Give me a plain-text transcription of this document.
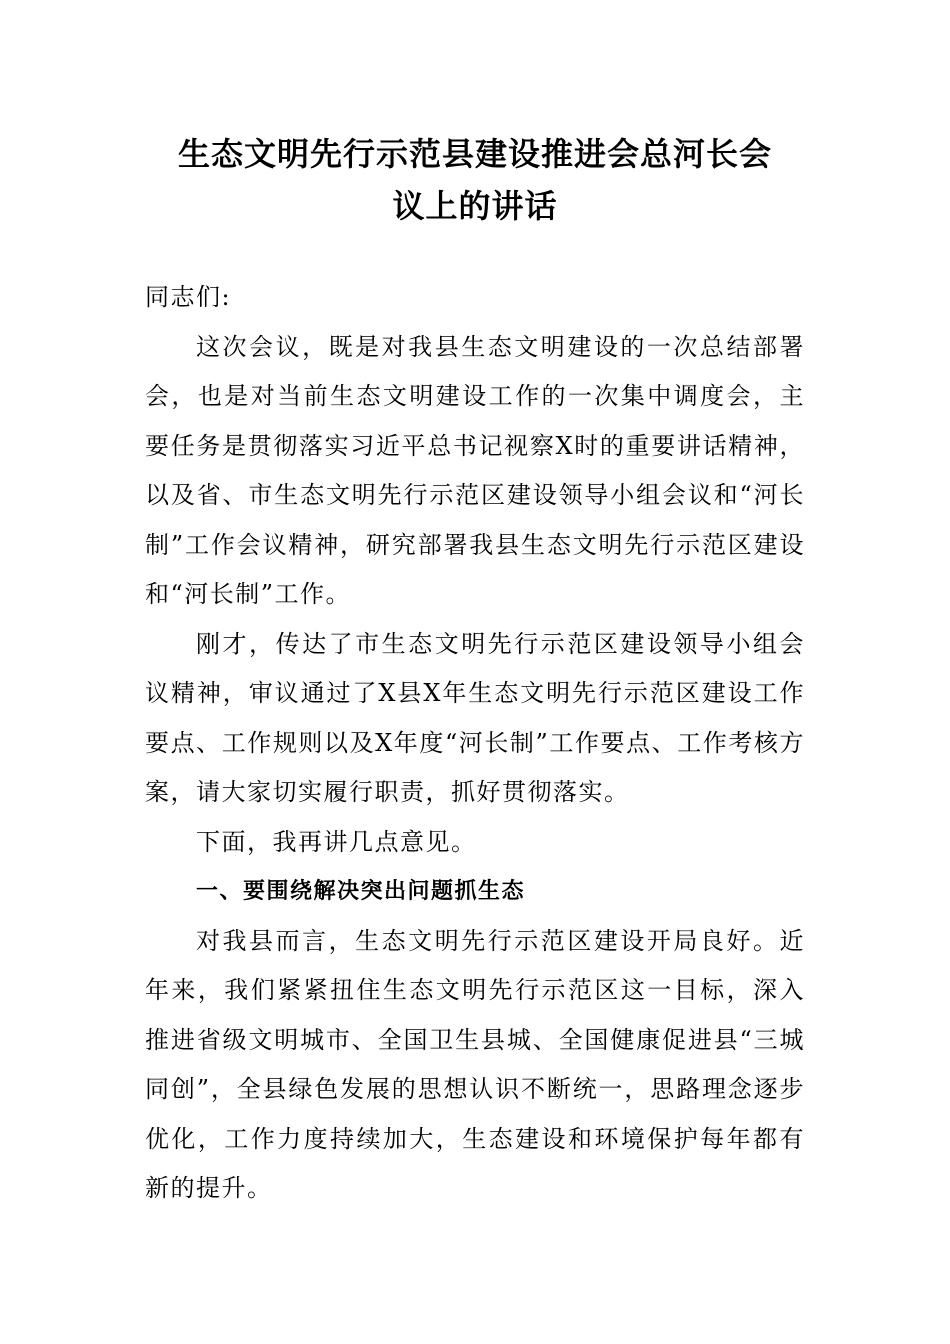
生态文明先行示范县建设推进会总河长会
议上的讲话

同志们:

这次会议，既是对我县生态文明建设的一次总结部署会，也是对当前生态文明建设工作的一次集中调度会，主要任务是贯彻落实习近平总书记视察X时的重要讲话精神，以及省、市生态文明先行示范区建设领导小组会议和“河长制”工作会议精神，研究部署我县生态文明先行示范区建设和“河长制”工作。

刚才，传达了市生态文明先行示范区建设领导小组会议精神，审议通过了X县X年生态文明先行示范区建设工作要点、工作规则以及X年度“河长制”工作要点、工作考核方案，请大家切实履行职责，抓好贯彻落实。

下面，我再讲几点意见。

一、要围绕解决突出问题抓生态

对我县而言，生态文明先行示范区建设开局良好。近年来，我们紧紧扭住生态文明先行示范区这一目标，深入推进省级文明城市、全国卫生县城、全国健康促进县“三城同创”，全县绿色发展的思想认识不断统一，思路理念逐步优化，工作力度持续加大，生态建设和环境保护每年都有新的提升。
